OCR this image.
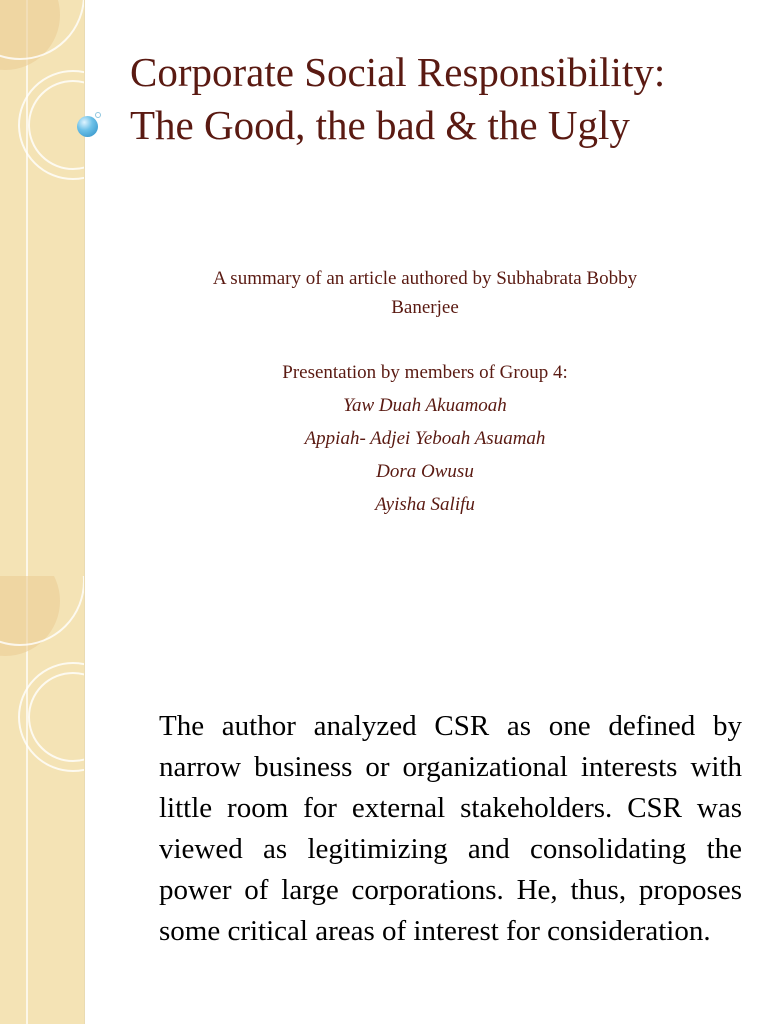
Corporate Social Responsibility:
The Good, the bad & the Ugly
A summary of an article authored by Subhabrata Bobby
Banerjee
Presentation by members of Group 4:
Yaw Duah Akuamoah
Appiah- Adjei Yeboah Asuamah
Dora Owusu
Ayisha Salifu
The author analyzed CSR as one defined by narrow business or organizational interests with little room for external stakeholders. CSR was viewed as legitimizing and consolidating the power of large corporations. He, thus, proposes some critical areas of interest for consideration.
